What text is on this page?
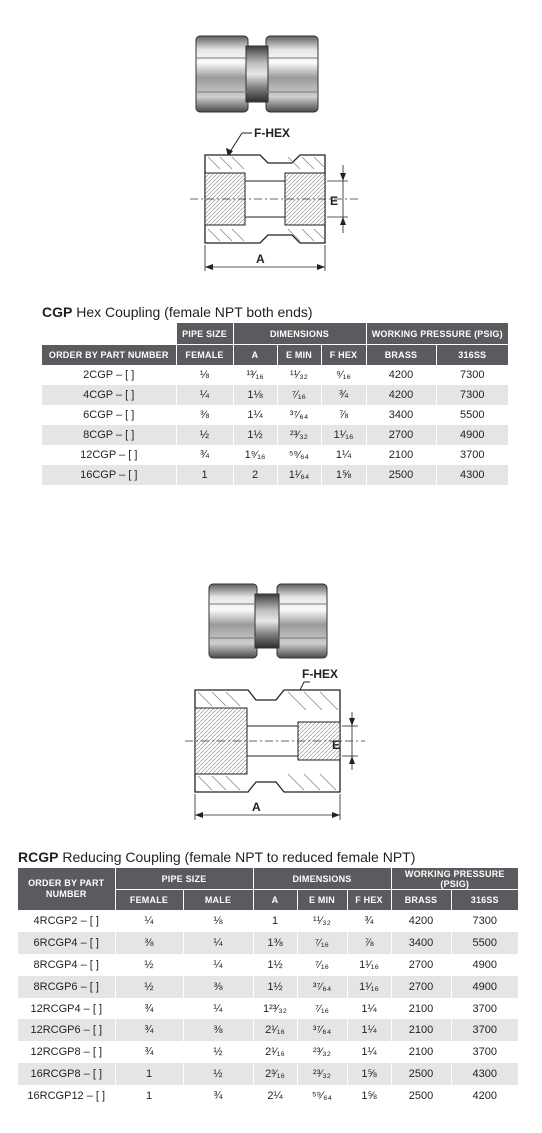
F-HEX
E
A
CGP Hex Coupling (female NPT both ends)
	PIPE SIZE	DIMENSIONS			WORKING PRESSURE (PSIG)	
ORDER BY PART NUMBER	FEMALE	A	E MIN	F HEX	BRASS	316SS
2CGP – [ ]	⅛	¹³⁄₁₆	¹¹⁄₃₂	⁹⁄₁₆	4200	7300
4CGP – [ ]	¼	1⅛	⁷⁄₁₆	¾	4200	7300
6CGP – [ ]	⅜	1¼	³⁷⁄₆₄	⅞	3400	5500
8CGP – [ ]	½	1½	²³⁄₃₂	1¹⁄₁₆	2700	4900
12CGP – [ ]	¾	1⁹⁄₁₆	⁵⁹⁄₆₄	1¼	2100	3700
16CGP – [ ]	1	2	1¹⁄₆₄	1⅝	2500	4300
F-HEX
E
A
RCGP Reducing Coupling (female NPT to reduced female NPT)
ORDER BY PART NUMBER	PIPE SIZE		DIMENSIONS			WORKING PRESSURE (PSIG)	
	FEMALE	MALE	A	E MIN	F HEX	BRASS	316SS
4RCGP2 – [ ]	¼	⅛	1	¹¹⁄₃₂	¾	4200	7300
6RCGP4 – [ ]	⅜	¼	1⅜	⁷⁄₁₆	⅞	3400	5500
8RCGP4 – [ ]	½	¼	1½	⁷⁄₁₆	1¹⁄₁₆	2700	4900
8RCGP6 – [ ]	½	⅜	1½	³⁷⁄₆₄	1¹⁄₁₆	2700	4900
12RCGP4 – [ ]	¾	¼	1²³⁄₃₂	⁷⁄₁₆	1¼	2100	3700
12RCGP6 – [ ]	¾	⅜	2¹⁄₁₆	³⁷⁄₆₄	1¼	2100	3700
12RCGP8 – [ ]	¾	½	2¹⁄₁₆	²³⁄₃₂	1¼	2100	3700
16RCGP8 – [ ]	1	½	2³⁄₁₆	²³⁄₃₂	1⅝	2500	4300
16RCGP12 – [ ]	1	¾	2¼	⁵⁹⁄₆₄	1⅝	2500	4200
